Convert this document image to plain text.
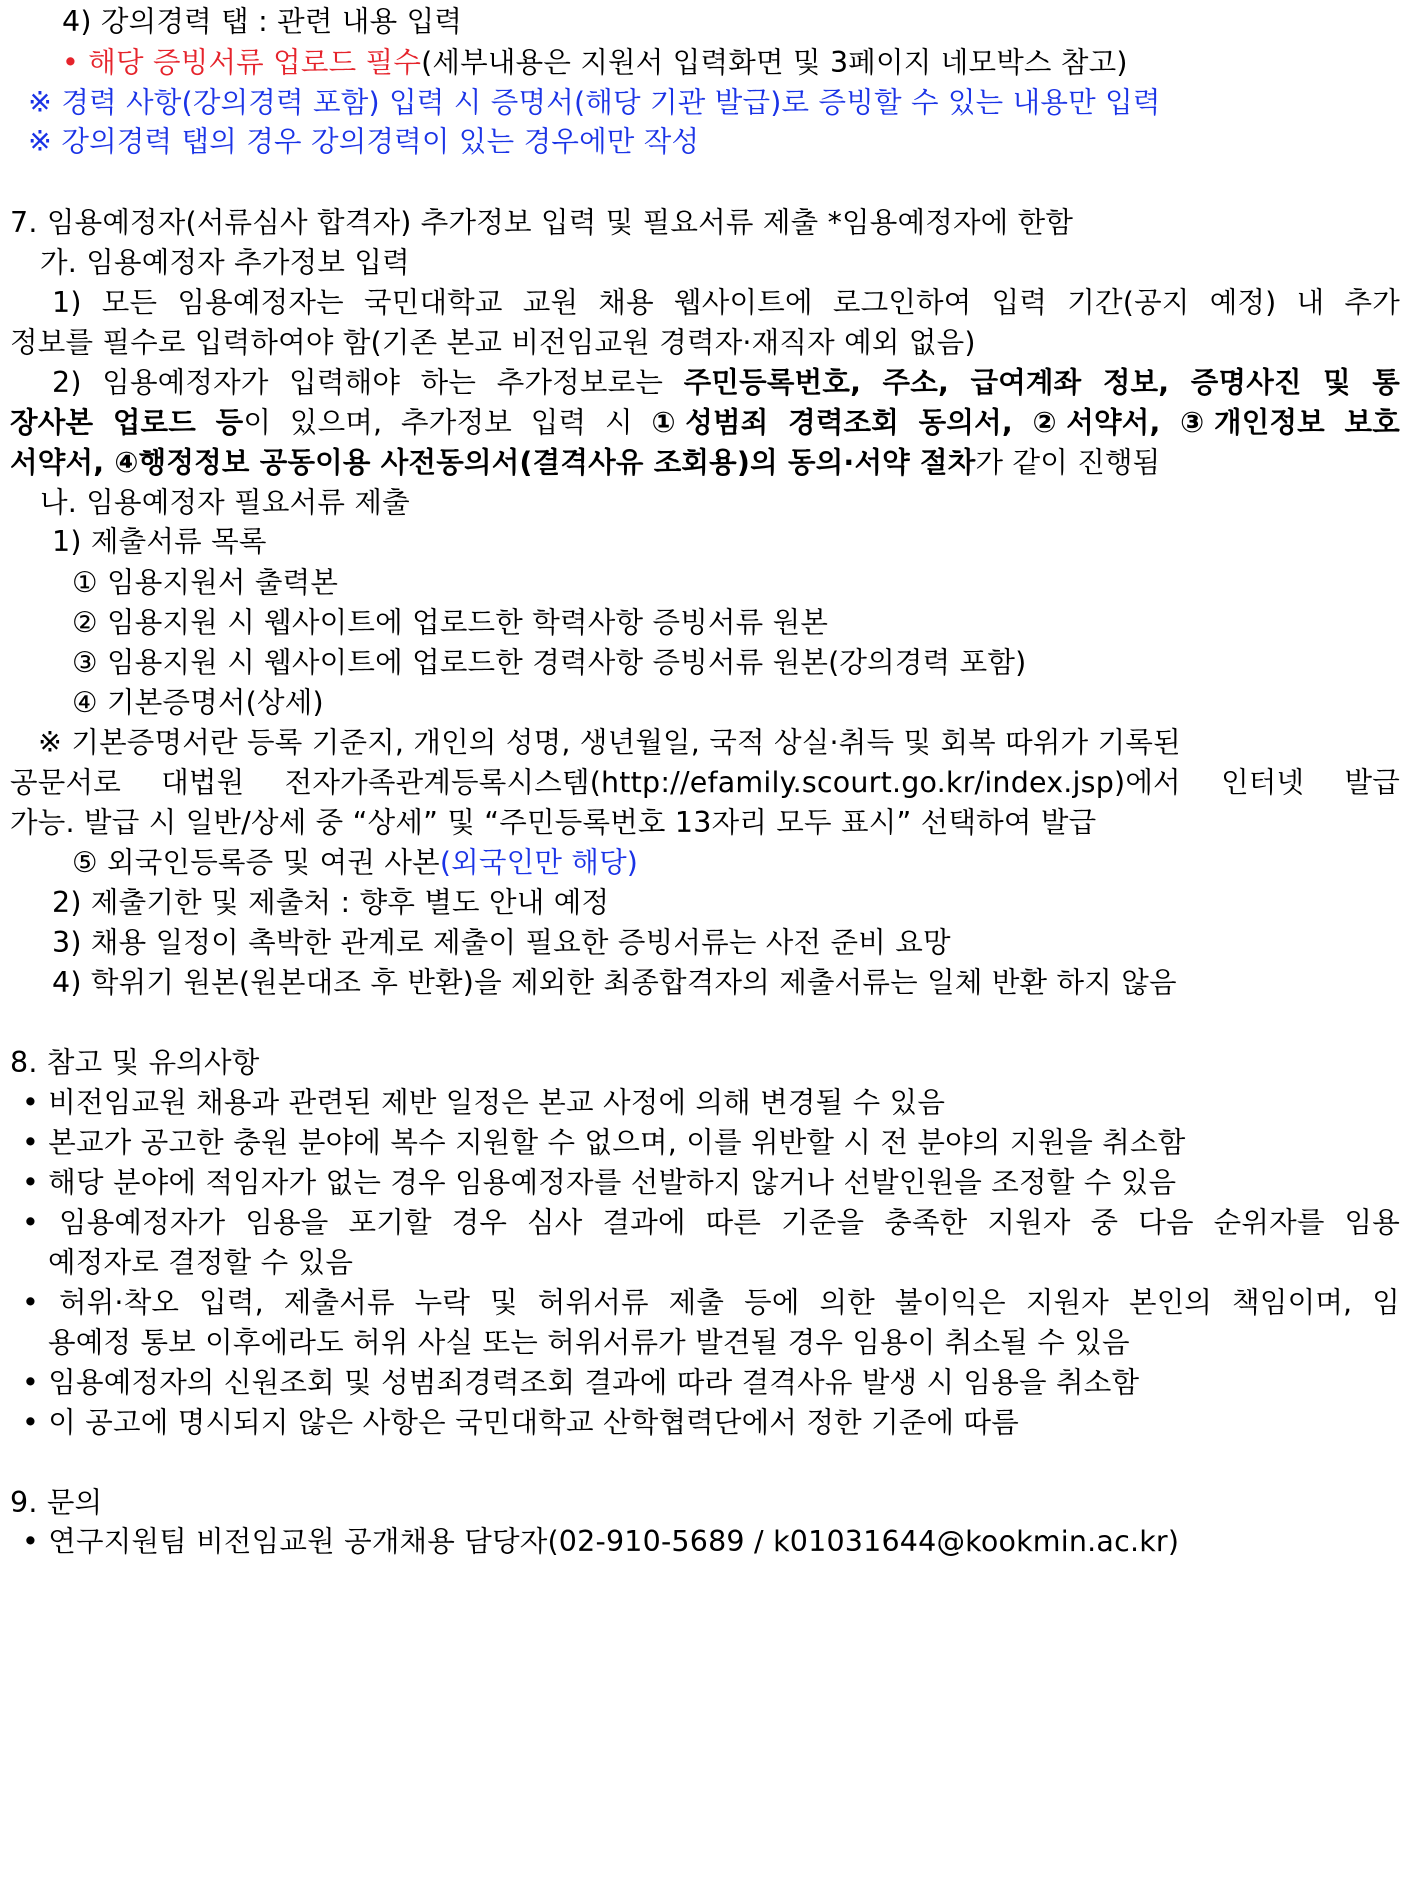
4) 강의경력 탭 : 관련 내용 입력
• 해당 증빙서류 업로드 필수(세부내용은 지원서 입력화면 및 3페이지 네모박스 참고)
※ 경력 사항(강의경력 포함) 입력 시 증명서(해당 기관 발급)로 증빙할 수 있는 내용만 입력
※ 강의경력 탭의 경우 강의경력이 있는 경우에만 작성
7. 임용예정자(서류심사 합격자) 추가정보 입력 및 필요서류 제출 *임용예정자에 한함
가. 임용예정자 추가정보 입력
1) 모든 임용예정자는 국민대학교 교원 채용 웹사이트에 로그인하여 입력 기간(공지 예정) 내 추가
정보를 필수로 입력하여야 함(기존 본교 비전임교원 경력자·재직자 예외 없음)
2) 임용예정자가 입력해야 하는 추가정보로는 주민등록번호, 주소, 급여계좌 정보, 증명사진 및 통
장사본 업로드 등이 있으며, 추가정보 입력 시 ①성범죄 경력조회 동의서, ②서약서, ③개인정보 보호
서약서, ④행정정보 공동이용 사전동의서(결격사유 조회용)의 동의·서약 절차가 같이 진행됨
나. 임용예정자 필요서류 제출
1) 제출서류 목록
① 임용지원서 출력본
② 임용지원 시 웹사이트에 업로드한 학력사항 증빙서류 원본
③ 임용지원 시 웹사이트에 업로드한 경력사항 증빙서류 원본(강의경력 포함)
④ 기본증명서(상세)
※ 기본증명서란 등록 기준지, 개인의 성명, 생년월일, 국적 상실·취득 및 회복 따위가 기록된
공문서로 대법원 전자가족관계등록시스템(http://efamily.scourt.go.kr/index.jsp)에서 인터넷 발급
가능. 발급 시 일반/상세 중 “상세” 및 “주민등록번호 13자리 모두 표시” 선택하여 발급
⑤ 외국인등록증 및 여권 사본(외국인만 해당)
2) 제출기한 및 제출처 : 향후 별도 안내 예정
3) 채용 일정이 촉박한 관계로 제출이 필요한 증빙서류는 사전 준비 요망
4) 학위기 원본(원본대조 후 반환)을 제외한 최종합격자의 제출서류는 일체 반환 하지 않음
8. 참고 및 유의사항
• 비전임교원 채용과 관련된 제반 일정은 본교 사정에 의해 변경될 수 있음
• 본교가 공고한 충원 분야에 복수 지원할 수 없으며, 이를 위반할 시 전 분야의 지원을 취소함
• 해당 분야에 적임자가 없는 경우 임용예정자를 선발하지 않거나 선발인원을 조정할 수 있음
• 임용예정자가 임용을 포기할 경우 심사 결과에 따른 기준을 충족한 지원자 중 다음 순위자를 임용
예정자로 결정할 수 있음
• 허위·착오 입력, 제출서류 누락 및 허위서류 제출 등에 의한 불이익은 지원자 본인의 책임이며, 임
용예정 통보 이후에라도 허위 사실 또는 허위서류가 발견될 경우 임용이 취소될 수 있음
• 임용예정자의 신원조회 및 성범죄경력조회 결과에 따라 결격사유 발생 시 임용을 취소함
• 이 공고에 명시되지 않은 사항은 국민대학교 산학협력단에서 정한 기준에 따름
9. 문의
• 연구지원팀 비전임교원 공개채용 담당자(02-910-5689 / k01031644@kookmin.ac.kr)
